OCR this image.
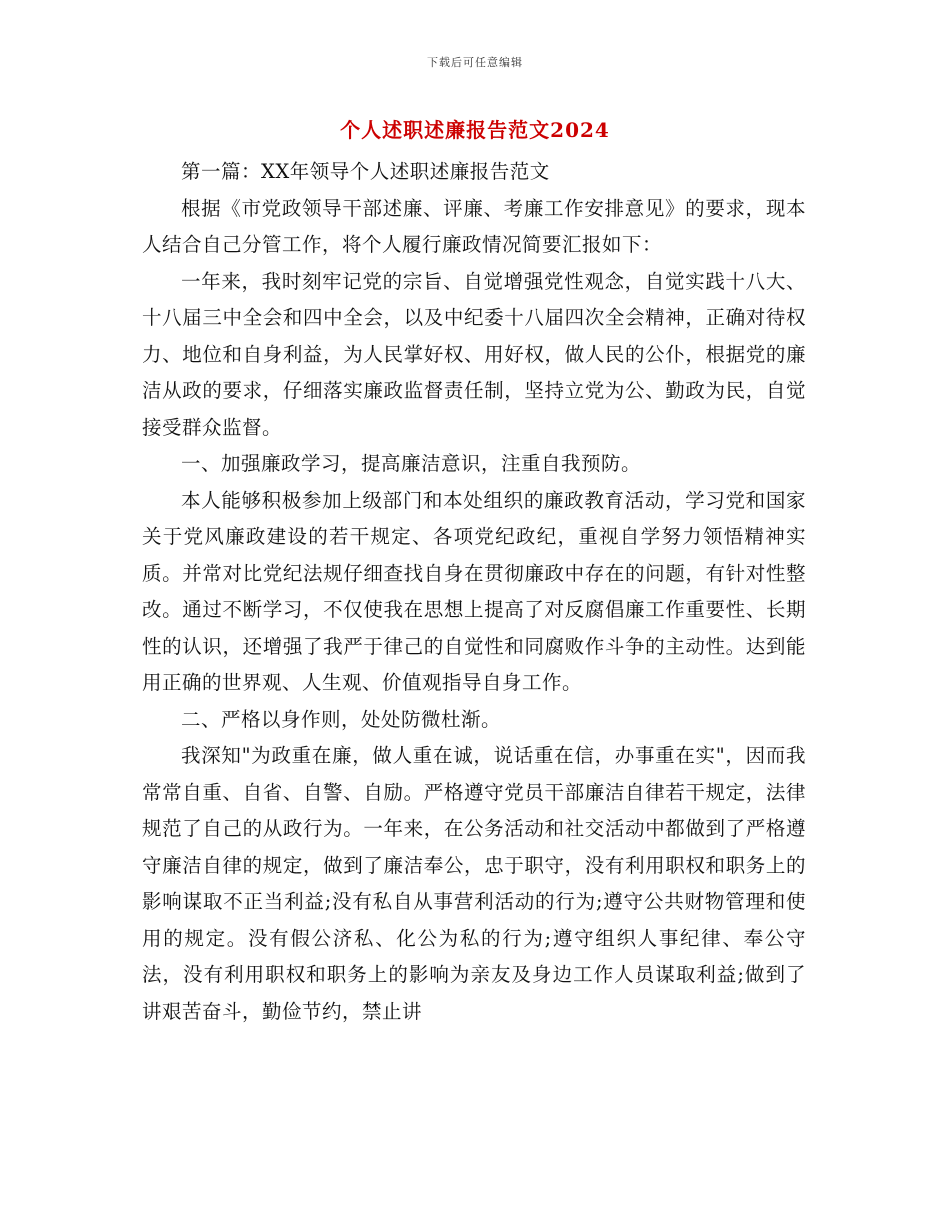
下载后可任意编辑
个人述职述廉报告范文2024

第一篇：XX年领导个人述职述廉报告范文

根据《市党政领导干部述廉、评廉、考廉工作安排意见》的要求，现本人结合自己分管工作，将个人履行廉政情况简要汇报如下：

一年来，我时刻牢记党的宗旨、自觉增强党性观念，自觉实践十八大、十八届三中全会和四中全会，以及中纪委十八届四次全会精神，正确对待权力、地位和自身利益，为人民掌好权、用好权，做人民的公仆，根据党的廉洁从政的要求，仔细落实廉政监督责任制，坚持立党为公、勤政为民，自觉接受群众监督。

一、加强廉政学习，提高廉洁意识，注重自我预防。

本人能够积极参加上级部门和本处组织的廉政教育活动，学习党和国家关于党风廉政建设的若干规定、各项党纪政纪，重视自学努力领悟精神实质。并常对比党纪法规仔细查找自身在贯彻廉政中存在的问题，有针对性整改。通过不断学习，不仅使我在思想上提高了对反腐倡廉工作重要性、长期性的认识，还增强了我严于律己的自觉性和同腐败作斗争的主动性。达到能用正确的世界观、人生观、价值观指导自身工作。

二、严格以身作则，处处防微杜渐。

我深知"为政重在廉，做人重在诚，说话重在信，办事重在实"，因而我常常自重、自省、自警、自励。严格遵守党员干部廉洁自律若干规定，法律规范了自己的从政行为。一年来，在公务活动和社交活动中都做到了严格遵守廉洁自律的规定，做到了廉洁奉公，忠于职守，没有利用职权和职务上的影响谋取不正当利益;没有私自从事营利活动的行为;遵守公共财物管理和使用的规定。没有假公济私、化公为私的行为;遵守组织人事纪律、奉公守法，没有利用职权和职务上的影响为亲友及身边工作人员谋取利益;做到了讲艰苦奋斗，勤俭节约，禁止讲
